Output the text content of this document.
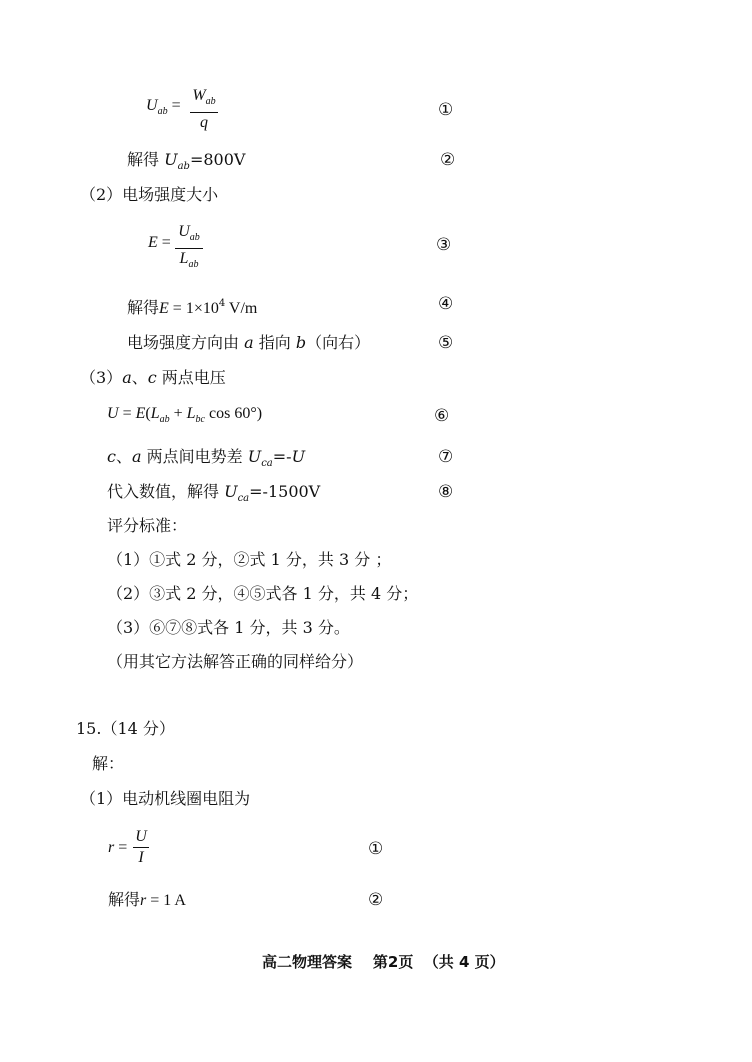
$U_{ab}$ =
$W_{ab}$
q
①
解得 $U_{ab}=800V$	②
（2）电场强度大小
E =
$U_{ab}$
$L_{ab}$
③
解得$E = 1\times 10^4$ V/m	④
电场强度方向由 a 指向 b（向右）	⑤
（3）a、c 两点电压
$U = E(L_{ab} + L_{bc}$ cos 60°)	⑥
c、a 两点间电势差 $U_{ca}=-U$	⑦
代入数值，解得 $U_{ca}=-1500V$	⑧
评分标准：
（1）①式 2 分，②式 1 分，共 3 分 ；
（2）③式 2 分，④⑤式各 1 分，共 4 分；
（3）⑥⑦⑧式各 1 分，共 3 分。
（用其它方法解答正确的同样给分）
15.（14 分）
解：
（1）电动机线圈电阻为
r =
U
I	①
解得r = 1 A	②
高二物理答案    第2页  （共 4 页）
